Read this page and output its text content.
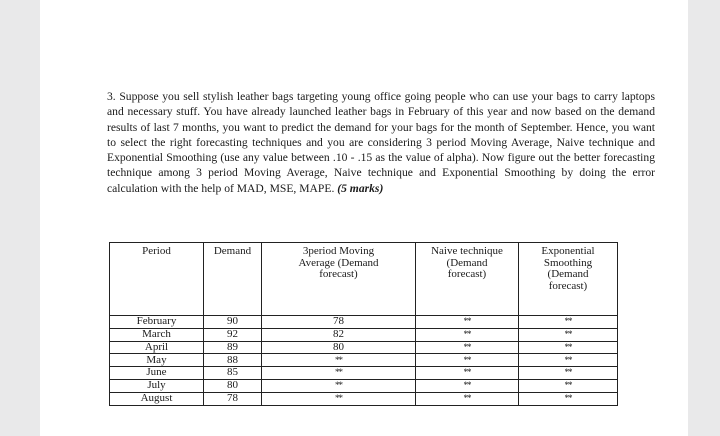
3. Suppose you sell stylish leather bags targeting young office going people who can use your bags to carry laptops and necessary stuff. You have already launched leather bags in February of this year and now based on the demand results of last 7 months, you want to predict the demand for your bags for the month of September. Hence, you want to select the right forecasting techniques and you are considering 3 period Moving Average, Naive technique and Exponential Smoothing (use any value between .10 - .15 as the value of alpha). Now figure out the better forecasting technique among 3 period Moving Average, Naive technique and Exponential Smoothing by doing the error calculation with the help of MAD, MSE, MAPE. (5 marks)

Period	Demand	3period Moving Average (Demand forecast)	Naive technique (Demand forecast)	Exponential Smoothing (Demand forecast)
February	90	78	**	**
March	92	82	**	**
April	89	80	**	**
May	88	**	**	**
June	85	**	**	**
July	80	**	**	**
August	78	**	**	**
